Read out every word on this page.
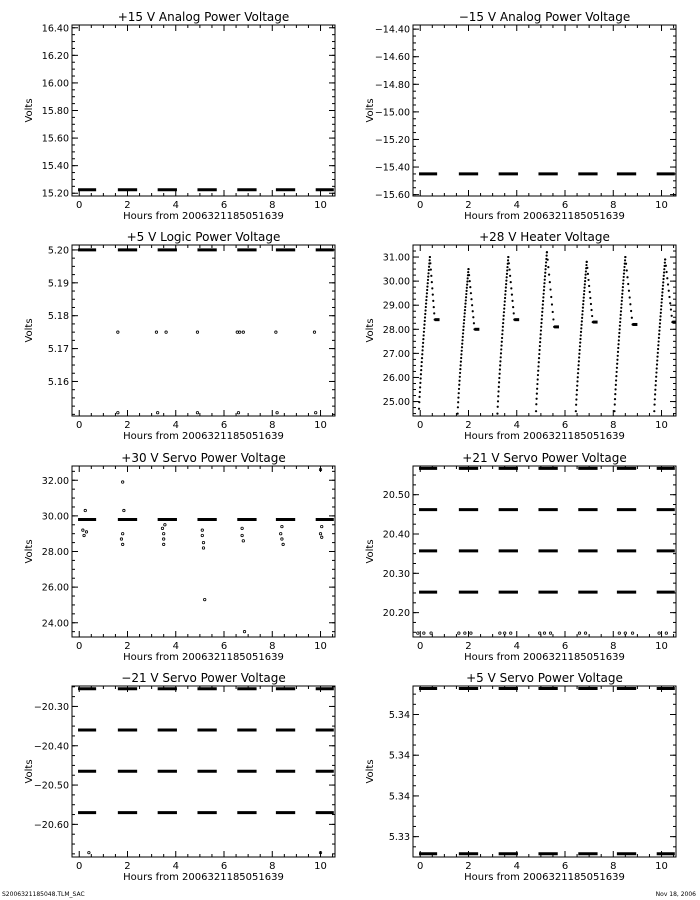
+15 V Analog Power Voltage
Hours from 2006321185051639
Volts
0	2	4	6	8	10
15.20
15.40
15.60
15.80
16.00
16.20
16.40
−15 V Analog Power Voltage
Hours from 2006321185051639
Volts
0	2	4	6	8	10
−15.60
−15.40
−15.20
−15.00
−14.80
−14.60
−14.40
+5 V Logic Power Voltage
Hours from 2006321185051639
Volts
0	2	4	6	8	10
5.16
5.17
5.18
5.19
5.20
+28 V Heater Voltage
Hours from 2006321185051639
Volts
0	2	4	6	8	10
25.00
26.00
27.00
28.00
29.00
30.00
31.00
+30 V Servo Power Voltage
Hours from 2006321185051639
Volts
0	2	4	6	8	10
24.00
26.00
28.00
30.00
32.00
+21 V Servo Power Voltage
Hours from 2006321185051639
Volts
0	2	4	6	8	10
20.20
20.30
20.40
20.50
−21 V Servo Power Voltage
Hours from 2006321185051639
Volts
0	2	4	6	8	10
−20.60
−20.50
−20.40
−20.30
+5 V Servo Power Voltage
Hours from 2006321185051639
Volts
0	2	4	6	8	10
5.33
5.34
5.34
5.34
S2006321185048.TLM_SAC	Nov 18, 2006
